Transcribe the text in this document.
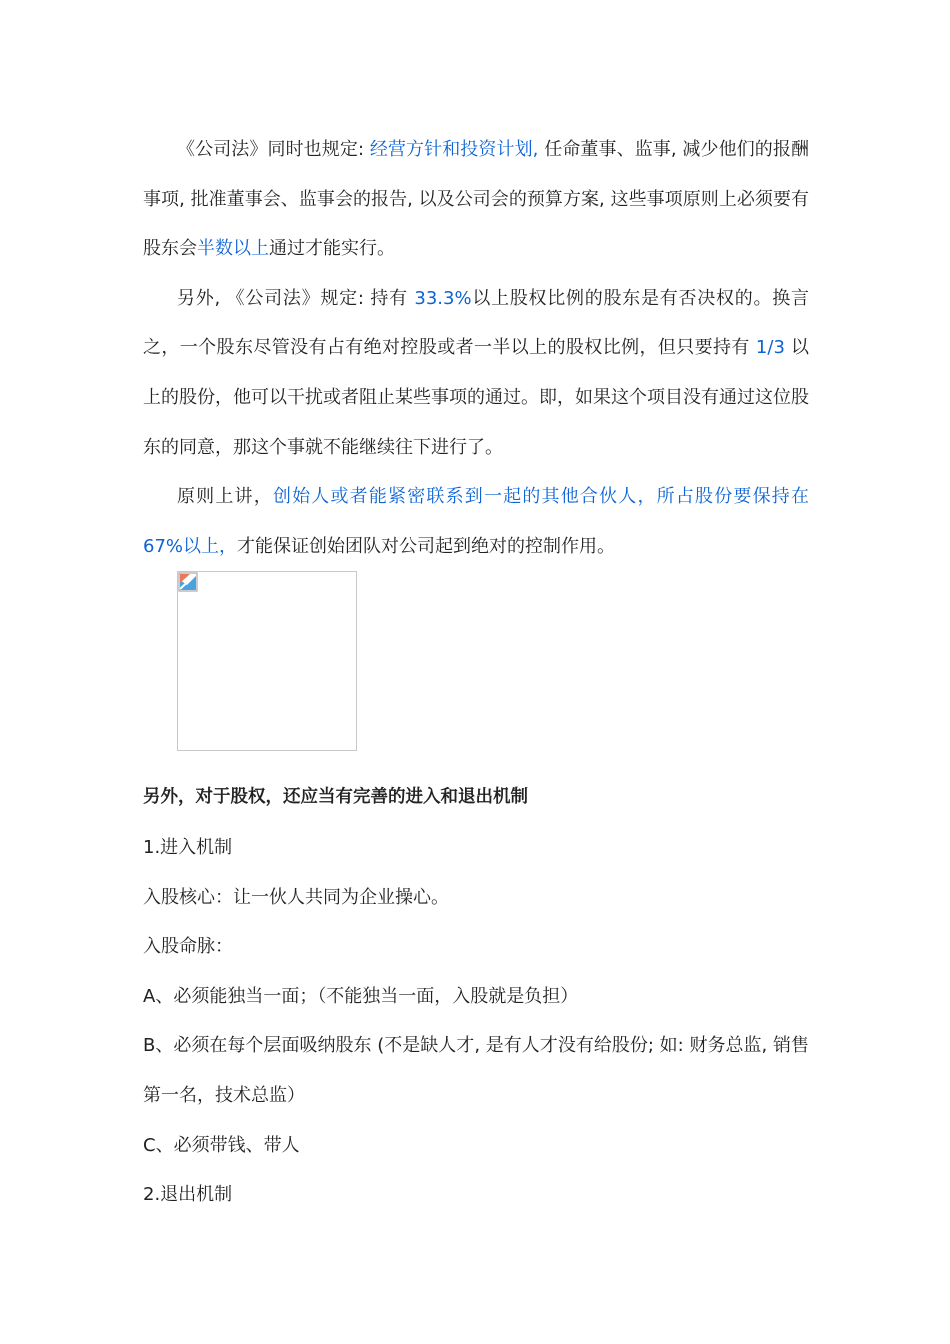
《公司法》同时也规定: 经营方针和投资计划, 任命董事、监事, 减少他们的报酬事项, 批准董事会、监事会的报告, 以及公司会的预算方案, 这些事项原则上必须要有股东会半数以上通过才能实行。

另外, 《公司法》规定: 持有 33.3%以上股权比例的股东是有否决权的。换言之，一个股东尽管没有占有绝对控股或者一半以上的股权比例，但只要持有 1/3 以上的股份，他可以干扰或者阻止某些事项的通过。即，如果这个项目没有通过这位股东的同意，那这个事就不能继续往下进行了。

原则上讲，创始人或者能紧密联系到一起的其他合伙人，所占股份要保持在67%以上，才能保证创始团队对公司起到绝对的控制作用。

另外，对于股权，还应当有完善的进入和退出机制

1.进入机制

入股核心：让一伙人共同为企业操心。

入股命脉：

A、必须能独当一面；（不能独当一面，入股就是负担）

B、必须在每个层面吸纳股东 (不是缺人才, 是有人才没有给股份; 如: 财务总监, 销售第一名，技术总监）

C、必须带钱、带人

2.退出机制
